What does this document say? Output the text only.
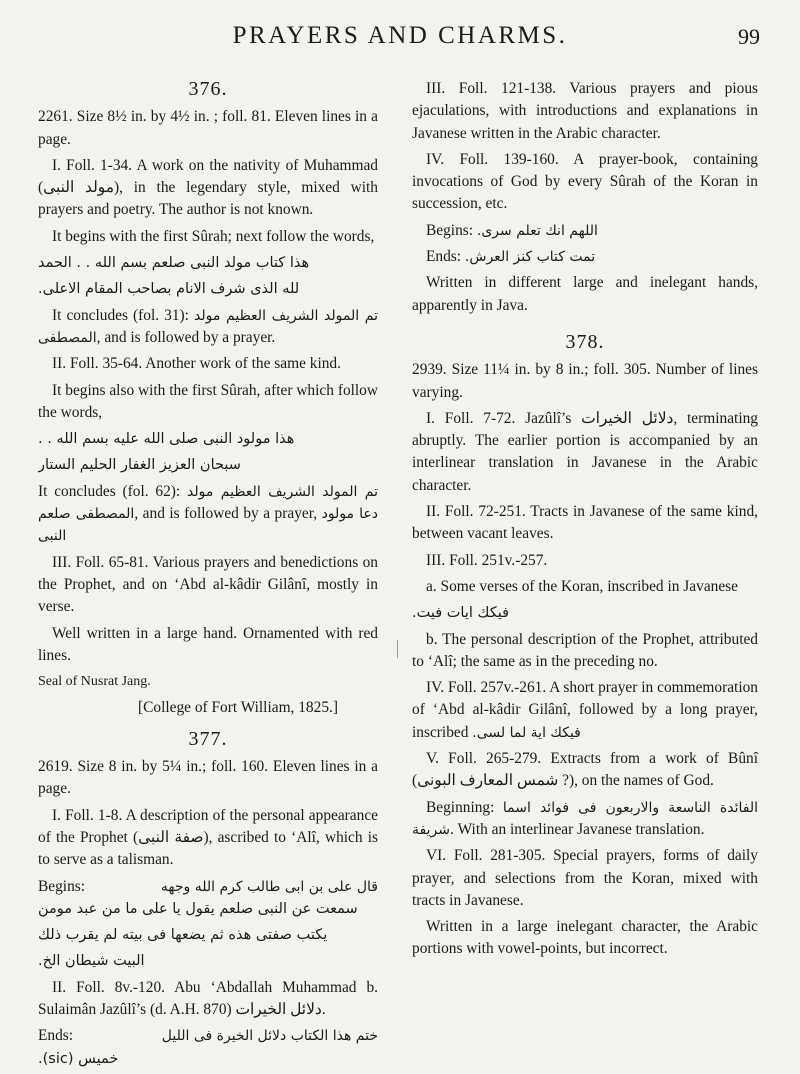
PRAYERS AND CHARMS.	99
376.

2261. Size 8½ in. by 4½ in. ; foll. 81. Eleven lines in a page.

I. Foll. 1-34. A work on the nativity of Muhammad (مولد النبى), in the legendary style, mixed with prayers and poetry. The author is not known.

It begins with the first Sûrah; next follow the words,

هذا كتاب مولد النبى صلعم بسم الله . . الحمد

لله الذى شرف الانام بصاحب المقام الاعلى.

It concludes (fol. 31): تم المولد الشريف العظيم مولد المصطفى, and is followed by a prayer.

II. Foll. 35-64. Another work of the same kind.

It begins also with the first Sûrah, after which follow the words,

هذا مولود النبى صلى الله عليه بسم الله . .

سبحان العزيز الغفار الحليم الستار

It concludes (fol. 62): تم المولد الشريف العظيم مولد المصطفى صلعم, and is followed by a prayer, دعا مولود النبى

III. Foll. 65-81. Various prayers and benedictions on the Prophet, and on ‘Abd al-kâdir Gilânî, mostly in verse.

Well written in a large hand. Ornamented with red lines.

Seal of Nusrat Jang.

[College of Fort William, 1825.]

377.

2619. Size 8 in. by 5¼ in.; foll. 160. Eleven lines in a page.

I. Foll. 1-8. A description of the personal appearance of the Prophet (صفة النبى), ascribed to ‘Alî, which is to serve as a talisman.

Begins:	قال على بن ابى طالب كرم الله وجهه

سمعت عن النبى صلعم يقول يا على ما من عبد مومن

يكتب صفتى هذه ثم يضعها فى بيته لم يقرب ذلك

البيت شيطان الخ.

II. Foll. 8v.-120. Abu ‘Abdallah Muhammad b. Sulaimân Jazûlî’s (d. A.H. 870) دلائل الخيرات.

Ends:	ختم هذا الكتاب دلائل الخيرة فى الليل

خميس (sic).

III. Foll. 121-138. Various prayers and pious ejaculations, with introductions and explanations in Javanese written in the Arabic character.

IV. Foll. 139-160. A prayer-book, containing invocations of God by every Sûrah of the Koran in succession, etc.

Begins: اللهم انك تعلم سرى.

Ends: تمت كتاب كنز العرش.

Written in different large and inelegant hands, apparently in Java.

378.

2939. Size 11¼ in. by 8 in.; foll. 305. Number of lines varying.

I. Foll. 7-72. Jazûlî’s دلائل الخيرات, terminating abruptly. The earlier portion is accompanied by an interlinear translation in Javanese in the Arabic character.

II. Foll. 72-251. Tracts in Javanese of the same kind, between vacant leaves.

III. Foll. 251v.-257.

a. Some verses of the Koran, inscribed in Javanese

فيكك ايات فيت.

b. The personal description of the Prophet, attributed to ‘Alî; the same as in the preceding no.

IV. Foll. 257v.-261. A short prayer in commemoration of ‘Abd al-kâdir Gilânî, followed by a long prayer, inscribed فيكك اية لما لسى.

V. Foll. 265-279. Extracts from a work of Bûnî (شمس المعارف البونى ?), on the names of God.

Beginning: الفائدة الناسعة والاربعون فى فوائد اسما شريفة. With an interlinear Javanese translation.

VI. Foll. 281-305. Special prayers, forms of daily prayer, and selections from the Koran, mixed with tracts in Javanese.

Written in a large inelegant character, the Arabic portions with vowel-points, but incorrect.
